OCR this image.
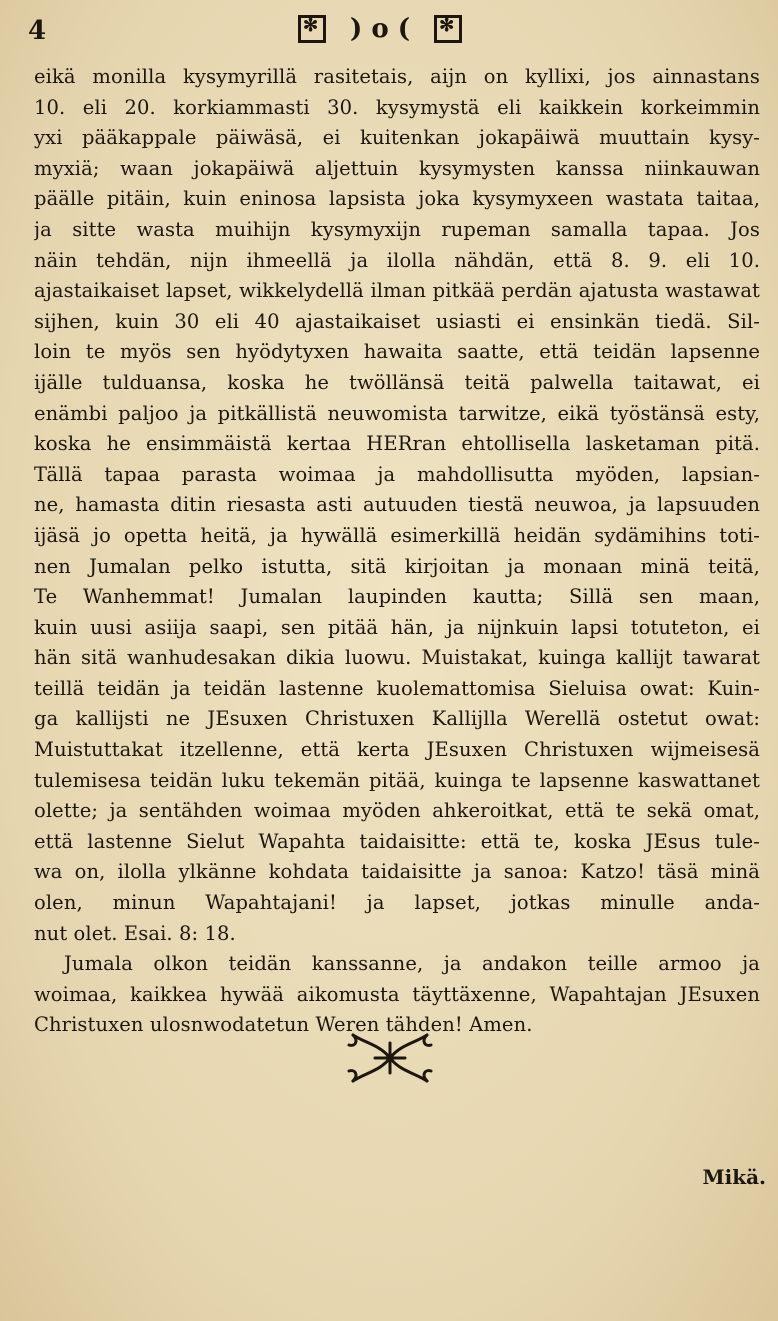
4
✻	) o (
✻
eikä monilla kysymyrillä rasitetais, aijn on kyllixi, jos ainnastans
10. eli 20. korkiammasti 30. kysymystä eli kaikkein korkeimmin
yxi pääkappale päiwäsä, ei kuitenkan jokapäiwä muuttain kysy-
myxiä; waan jokapäiwä aljettuin kysymysten kanssa niinkauwan
päälle pitäin, kuin eninosa lapsista joka kysymyxeen wastata taitaa,
ja sitte wasta muihijn kysymyxijn rupeman samalla tapaa. Jos
näin tehdän, nijn ihmeellä ja ilolla nähdän, että 8. 9. eli 10.
ajastaikaiset lapset, wikkelydellä ilman pitkää perdän ajatusta wastawat
sijhen, kuin 30 eli 40 ajastaikaiset usiasti ei ensinkän tiedä. Sil-
loin te myös sen hyödytyxen hawaita saatte, että teidän lapsenne
ijälle tulduansa, koska he twöllänsä teitä palwella taitawat, ei
enämbi paljoo ja pitkällistä neuwomista tarwitze, eikä työstänsä esty,
koska he ensimmäistä kertaa HERran ehtollisella lasketaman pitä.
Tällä tapaa parasta woimaa ja mahdollisutta myöden, lapsian-
ne, hamasta ditin riesasta asti autuuden tiestä neuwoa, ja lapsuuden
ijäsä jo opetta heitä, ja hywällä esimerkillä heidän sydämihins toti-
nen Jumalan pelko istutta, sitä kirjoitan ja monaan minä teitä,
Te Wanhemmat! Jumalan laupinden kautta; Sillä sen maan,
kuin uusi asiija saapi, sen pitää hän, ja nijnkuin lapsi totuteton, ei
hän sitä wanhudesakan dikia luowu. Muistakat, kuinga kallijt tawarat
teillä teidän ja teidän lastenne kuolemattomisa Sieluisa owat: Kuin-
ga kallijsti ne JEsuxen Christuxen Kallijlla Werellä ostetut owat:
Muistuttakat itzellenne, että kerta JEsuxen Christuxen wijmeisesä
tulemisesa teidän luku tekemän pitää, kuinga te lapsenne kaswattanet
olette; ja sentähden woimaa myöden ahkeroitkat, että te sekä omat,
että lastenne Sielut Wapahta taidaisitte: että te, koska JEsus tule-
wa on, ilolla ylkänne kohdata taidaisitte ja sanoa: Katzo! täsä minä
olen, minun Wapahtajani! ja lapset, jotkas minulle anda-
nut olet. Esai. 8: 18.
Jumala olkon teidän kanssanne, ja andakon teille armoo ja
woimaa, kaikkea hywää aikomusta täyttäxenne, Wapahtajan JEsuxen
Christuxen ulosnwodatetun Weren tähden! Amen.
Mikä.
